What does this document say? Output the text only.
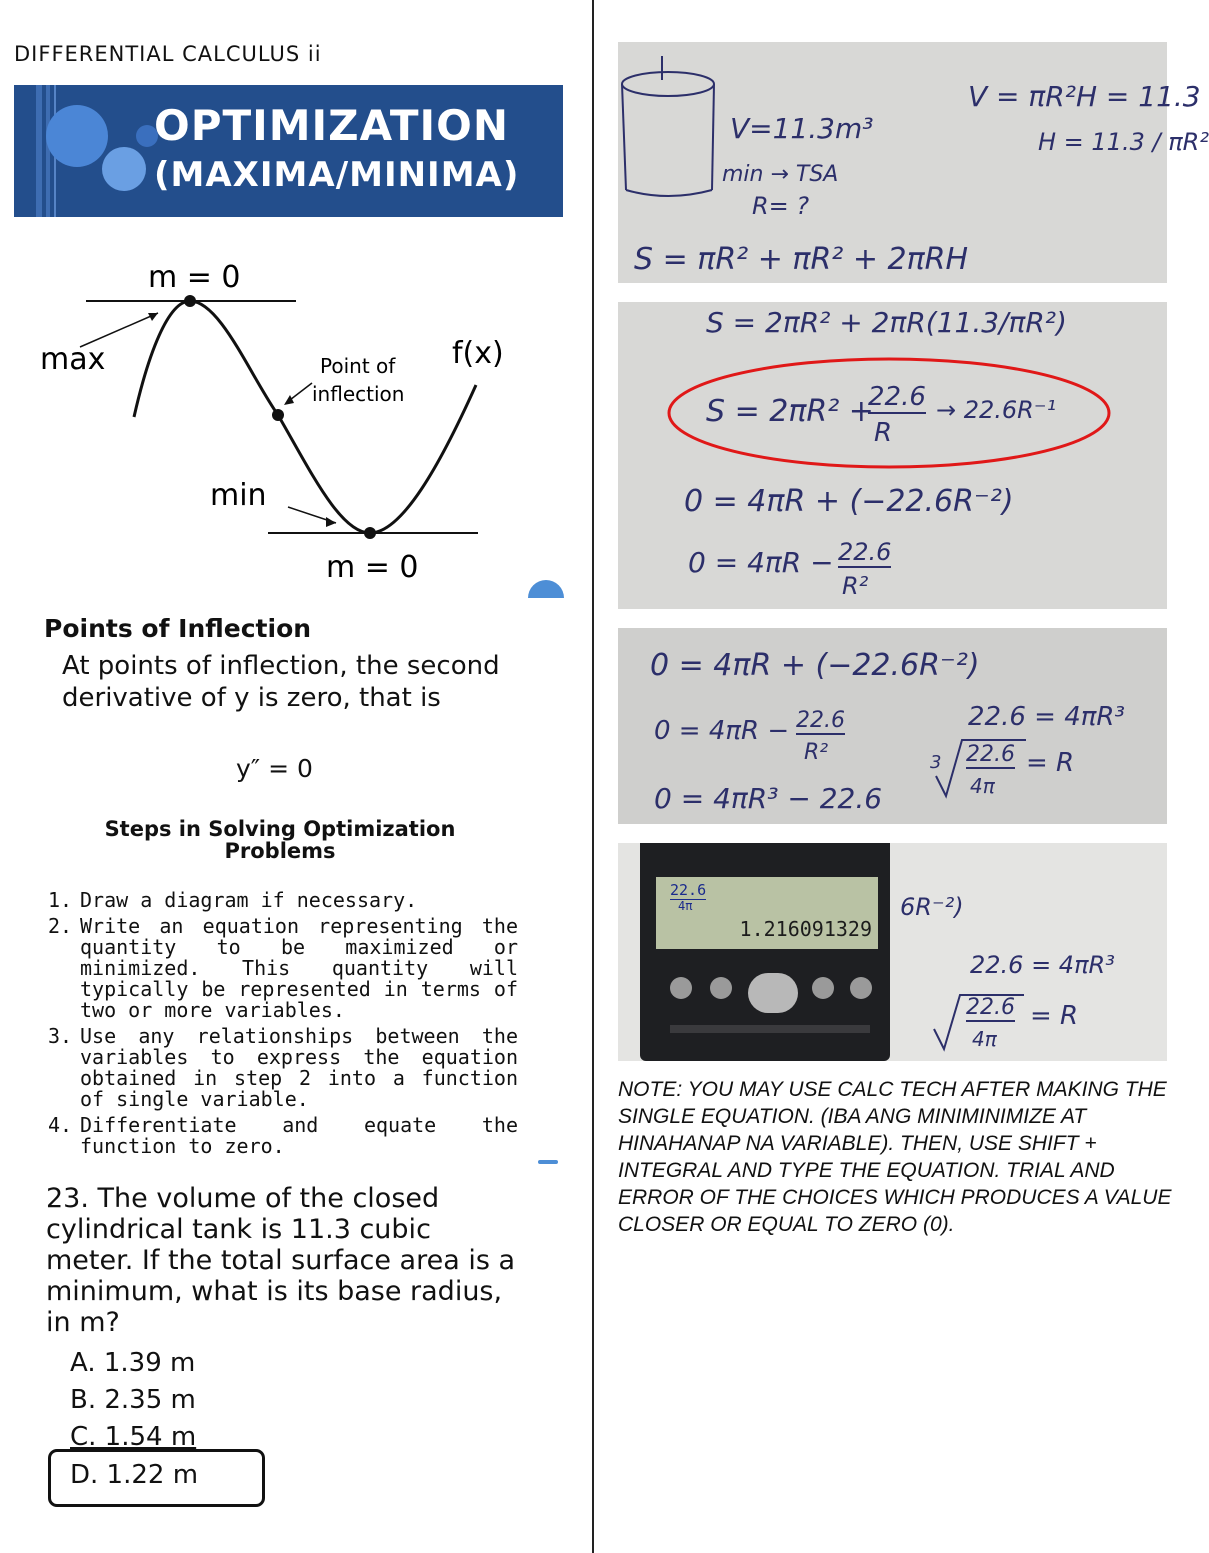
DIFFERENTIAL CALCULUS ii
OPTIMIZATION
(MAXIMA/MINIMA)
m = 0
m = 0
max
min
Point of
inflection
f(x)
Points of Inflection
At points of inflection, the second derivative of y is zero, that is
y″ = 0
Steps in Solving Optimization Problems
1. Draw a diagram if necessary.
2. Write an equation representing the quantity to be maximized or minimized. This quantity will typically be represented in terms of two or more variables.
3. Use any relationships between the variables to express the equation obtained in step 2 into a function of single variable.
4. Differentiate and equate the function to zero.
23. The volume of the closed cylindrical tank is 11.3 cubic meter. If the total surface area is a minimum, what is its base radius, in m?
A. 1.39 m
B. 2.35 m
C. 1.54 m
D. 1.22 m
V=11.3m³
min → TSA
R= ?
S = πR² + πR² + 2πRH
V = πR²H = 11.3
H = 11.3 / πR²
S = 2πR² + 2πR(11.3/πR²)
S = 2πR² +
22.6
R
→ 22.6R⁻¹
0 = 4πR + (−22.6R⁻²)
0 = 4πR − 22.6
R²
0 = 4πR + (−22.6R⁻²)
0 = 4πR − 22.6
R²
0 = 4πR³ − 22.6
22.6 = 4πR³
3 22.6
4π
= R
22.6
4π
1.216091329
6R⁻²)
22.6 = 4πR³
22.6
4π
= R
NOTE: YOU MAY USE CALC TECH AFTER MAKING THE SINGLE EQUATION. (IBA ANG MINIMINIMIZE AT HINAHANAP NA VARIABLE). THEN, USE SHIFT + INTEGRAL AND TYPE THE EQUATION. TRIAL AND ERROR OF THE CHOICES WHICH PRODUCES A VALUE CLOSER OR EQUAL TO ZERO (0).
